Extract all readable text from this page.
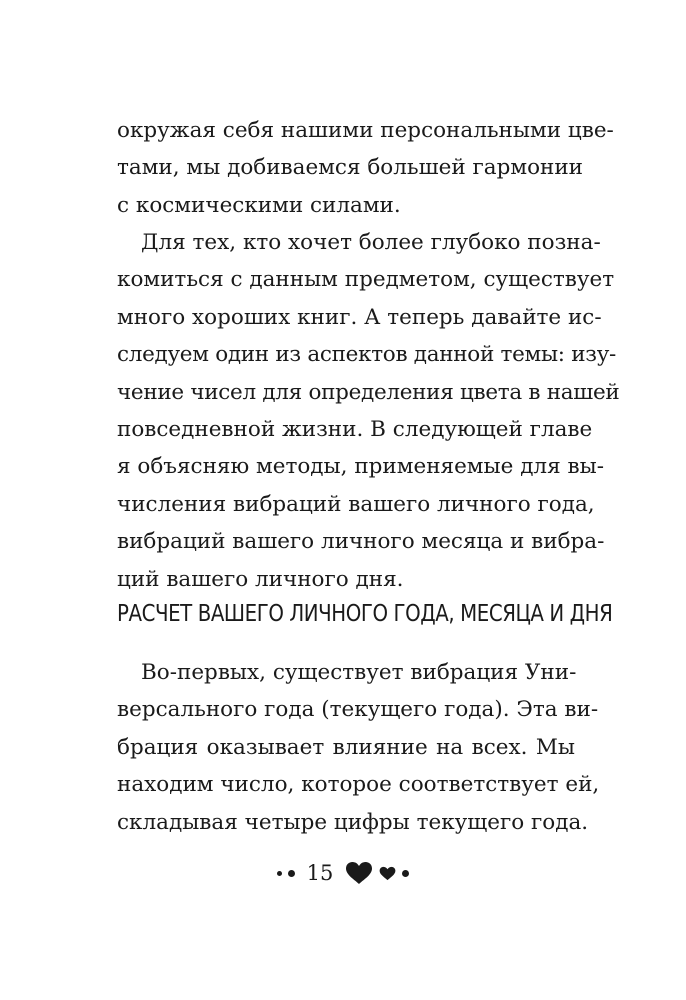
окружая себя нашими персональными цве-
тами, мы добиваемся большей гармонии
с космическими силами.
Для тех, кто хочет более глубоко позна-
комиться с данным предметом, существует
много хороших книг. А теперь давайте ис-
следуем один из аспектов данной темы: изу-
чение чисел для определения цвета в нашей
повседневной жизни. В следующей главе
я объясняю методы, применяемые для вы-
числения вибраций вашего личного года,
вибраций вашего личного месяца и вибра-
ций вашего личного дня.
РАСЧЕТ ВАШЕГО ЛИЧНОГО ГОДА, МЕСЯЦА И ДНЯ
Во-первых, существует вибрация Уни-
версального года (текущего года). Эта ви-
брация оказывает влияние на всех. Мы
находим число, которое соответствует ей,
складывая четыре цифры текущего года.
15
